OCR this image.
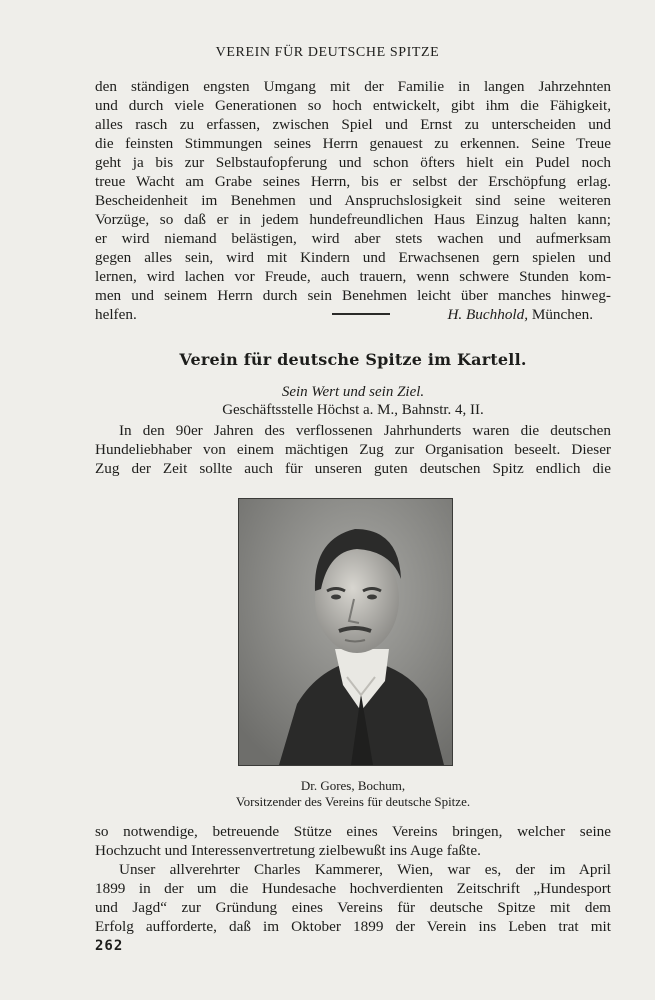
VEREIN FÜR DEUTSCHE SPITZE
den ständigen engsten Umgang mit der Familie in langen Jahrzehnten
und durch viele Generationen so hoch entwickelt, gibt ihm die Fähigkeit,
alles rasch zu erfassen, zwischen Spiel und Ernst zu unterscheiden und
die feinsten Stimmungen seines Herrn genauest zu erkennen. Seine Treue
geht ja bis zur Selbstaufopferung und schon öfters hielt ein Pudel noch
treue Wacht am Grabe seines Herrn, bis er selbst der Erschöpfung erlag.
Bescheidenheit im Benehmen und Anspruchslosigkeit sind seine weiteren
Vorzüge, so daß er in jedem hundefreundlichen Haus Einzug halten kann;
er wird niemand belästigen, wird aber stets wachen und aufmerksam
gegen alles sein, wird mit Kindern und Erwachsenen gern spielen und
lernen, wird lachen vor Freude, auch trauern, wenn schwere Stunden kom-
men und seinem Herrn durch sein Benehmen leicht über manches hinweg-
helfen.	H. Buchhold, München.
Verein für deutsche Spitze im Kartell.
Sein Wert und sein Ziel.
Geschäftsstelle Höchst a. M., Bahnstr. 4, II.
In den 90er Jahren des verflossenen Jahrhunderts waren die deutschen
Hundeliebhaber von einem mächtigen Zug zur Organisation beseelt. Dieser
Zug der Zeit sollte auch für unseren guten deutschen Spitz endlich die
Dr. Gores, Bochum,
Vorsitzender des Vereins für deutsche Spitze.
so notwendige, betreuende Stütze eines Vereins bringen, welcher seine
Hochzucht und Interessenvertretung zielbewußt ins Auge faßte.
Unser allverehrter Charles Kammerer, Wien, war es, der im April
1899 in der um die Hundesache hochverdienten Zeitschrift „Hundesport
und Jagd“ zur Gründung eines Vereins für deutsche Spitze mit dem
Erfolg aufforderte, daß im Oktober 1899 der Verein ins Leben trat mit
262
